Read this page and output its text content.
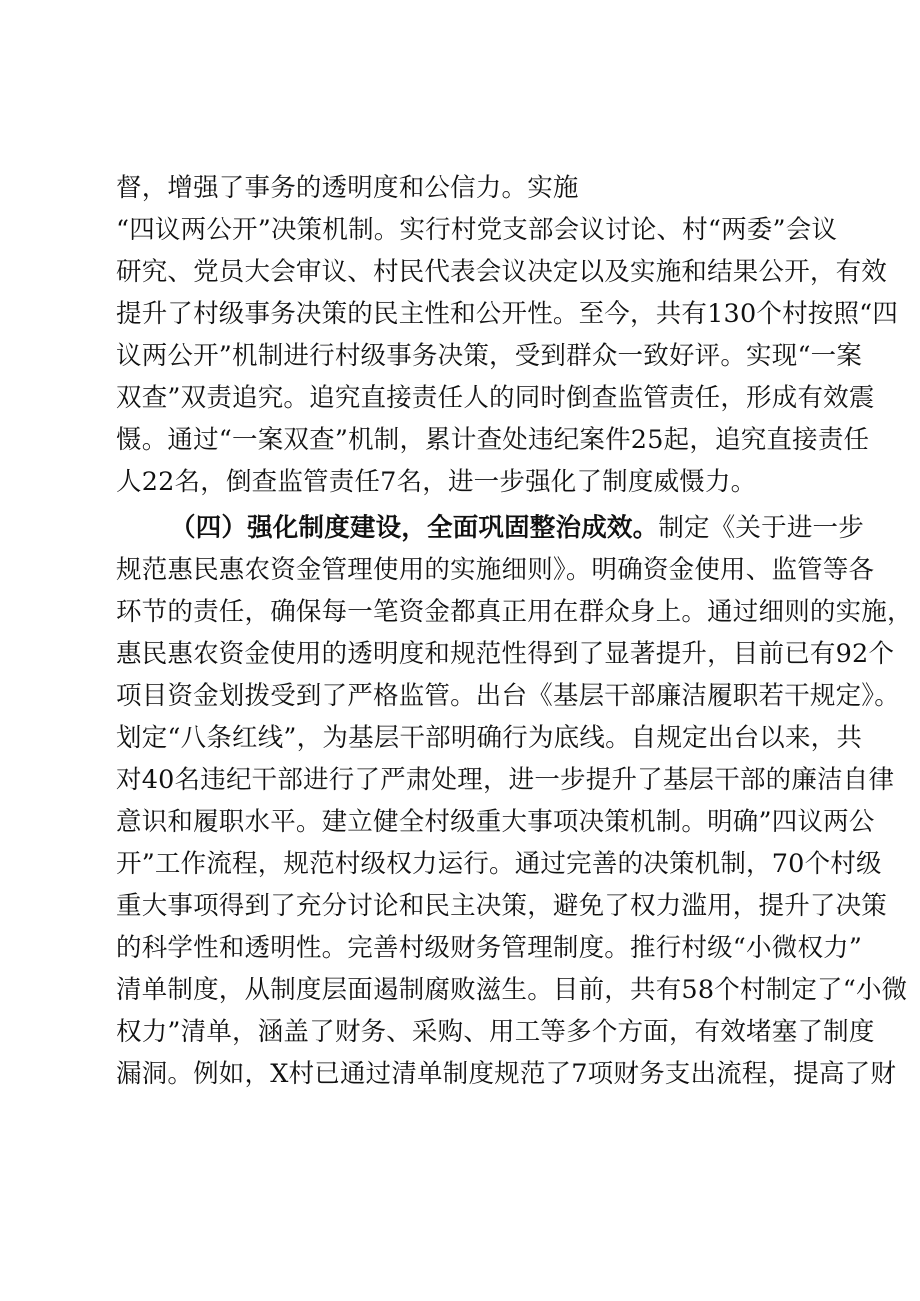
督，增强了事务的透明度和公信力。实施
“四议两公开”决策机制。实行村党支部会议讨论、村“两委”会议
研究、党员大会审议、村民代表会议决定以及实施和结果公开，有效
提升了村级事务决策的民主性和公开性。至今，共有130个村按照“四
议两公开”机制进行村级事务决策，受到群众一致好评。实现“一案
双查”双责追究。追究直接责任人的同时倒查监管责任，形成有效震
慑。通过“一案双查”机制，累计查处违纪案件25起，追究直接责任
人22名，倒查监管责任7名，进一步强化了制度威慑力。
（四）强化制度建设，全面巩固整治成效。制定《关于进一步
规范惠民惠农资金管理使用的实施细则》。明确资金使用、监管等各
环节的责任，确保每一笔资金都真正用在群众身上。通过细则的实施，
惠民惠农资金使用的透明度和规范性得到了显著提升，目前已有92个
项目资金划拨受到了严格监管。出台《基层干部廉洁履职若干规定》。
划定“八条红线”，为基层干部明确行为底线。自规定出台以来，共
对40名违纪干部进行了严肃处理，进一步提升了基层干部的廉洁自律
意识和履职水平。建立健全村级重大事项决策机制。明确”四议两公
开”工作流程，规范村级权力运行。通过完善的决策机制，70个村级
重大事项得到了充分讨论和民主决策，避免了权力滥用，提升了决策
的科学性和透明性。完善村级财务管理制度。推行村级“小微权力”
清单制度，从制度层面遏制腐败滋生。目前，共有58个村制定了“小微
权力”清单，涵盖了财务、采购、用工等多个方面，有效堵塞了制度
漏洞。例如，X村已通过清单制度规范了7项财务支出流程，提高了财
